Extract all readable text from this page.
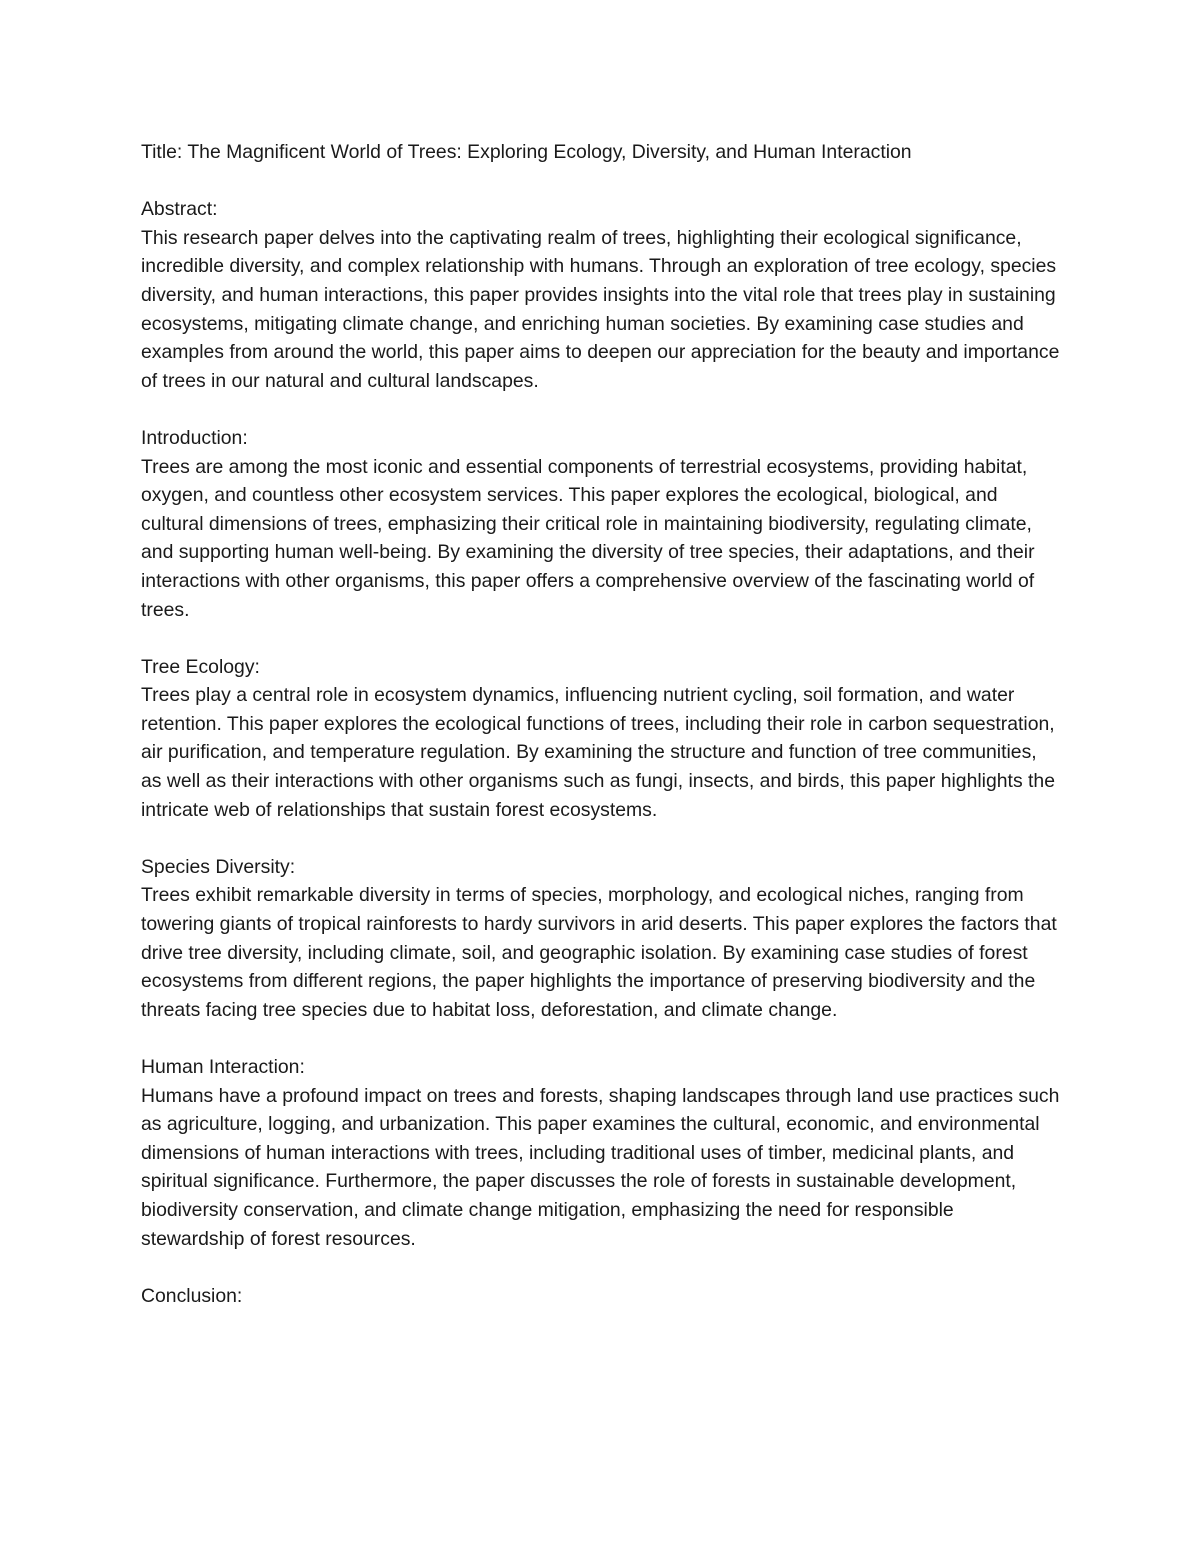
Title: The Magnificent World of Trees: Exploring Ecology, Diversity, and Human Interaction
Abstract:
This research paper delves into the captivating realm of trees, highlighting their ecological significance, incredible diversity, and complex relationship with humans. Through an exploration of tree ecology, species diversity, and human interactions, this paper provides insights into the vital role that trees play in sustaining ecosystems, mitigating climate change, and enriching human societies. By examining case studies and examples from around the world, this paper aims to deepen our appreciation for the beauty and importance of trees in our natural and cultural landscapes.
Introduction:
Trees are among the most iconic and essential components of terrestrial ecosystems, providing habitat, oxygen, and countless other ecosystem services. This paper explores the ecological, biological, and cultural dimensions of trees, emphasizing their critical role in maintaining biodiversity, regulating climate, and supporting human well-being. By examining the diversity of tree species, their adaptations, and their interactions with other organisms, this paper offers a comprehensive overview of the fascinating world of trees.
Tree Ecology:
Trees play a central role in ecosystem dynamics, influencing nutrient cycling, soil formation, and water retention. This paper explores the ecological functions of trees, including their role in carbon sequestration, air purification, and temperature regulation. By examining the structure and function of tree communities, as well as their interactions with other organisms such as fungi, insects, and birds, this paper highlights the intricate web of relationships that sustain forest ecosystems.
Species Diversity:
Trees exhibit remarkable diversity in terms of species, morphology, and ecological niches, ranging from towering giants of tropical rainforests to hardy survivors in arid deserts. This paper explores the factors that drive tree diversity, including climate, soil, and geographic isolation. By examining case studies of forest ecosystems from different regions, the paper highlights the importance of preserving biodiversity and the threats facing tree species due to habitat loss, deforestation, and climate change.
Human Interaction:
Humans have a profound impact on trees and forests, shaping landscapes through land use practices such as agriculture, logging, and urbanization. This paper examines the cultural, economic, and environmental dimensions of human interactions with trees, including traditional uses of timber, medicinal plants, and spiritual significance. Furthermore, the paper discusses the role of forests in sustainable development, biodiversity conservation, and climate change mitigation, emphasizing the need for responsible stewardship of forest resources.
Conclusion:
